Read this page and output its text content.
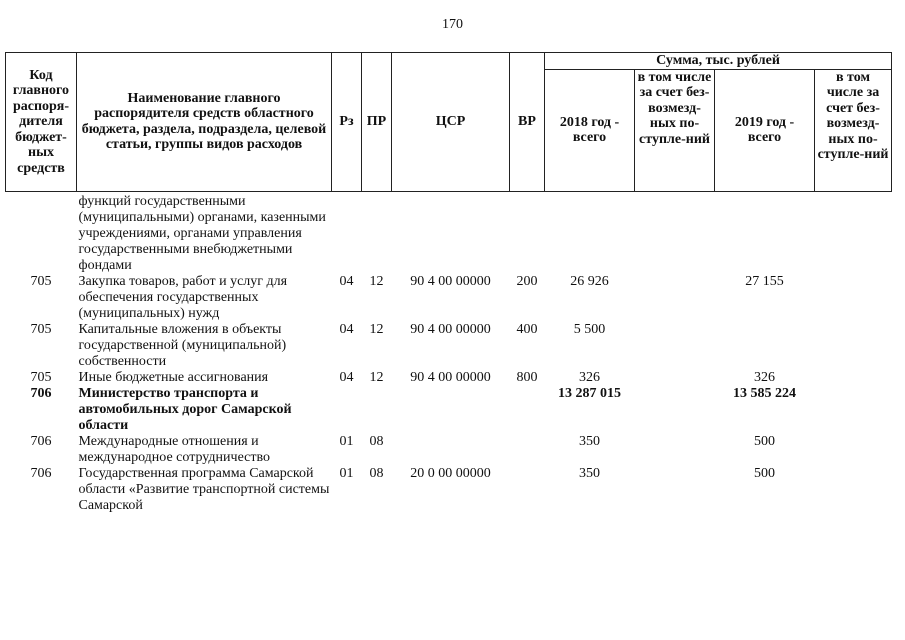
170
Код главного распоря-дителя бюджет-ных средств	Наименование главного распорядителя средств областного бюджета, раздела, подраздела, целевой статьи, группы видов расходов	Рз	ПР	ЦСР	ВР	Сумма, тыс. рублей			
						2018 год - всего	в том числе за счет без-возмезд-ных по-ступле-ний	2019 год - всего	в том числе за счет без-возмезд-ных по-ступле-ний
	функций государственными (муниципальными) органами, казенными учреждениями, органами управления государственными внебюджетными фондами								
705	Закупка товаров, работ и услуг для обеспечения государственных (муниципальных) нужд	04	12	90 4 00 00000	200	26 926		27 155	
705	Капитальные вложения в объекты государственной (муниципальной) собственности	04	12	90 4 00 00000	400	5 500			
705	Иные бюджетные ассигнования	04	12	90 4 00 00000	800	326		326	
706	Министерство транспорта и автомобильных дорог Самарской области					13 287 015		13 585 224	
706	Международные отношения и международное сотрудничество	01	08			350		500	
706	Государственная программа Самарской области «Развитие транспортной системы Самарской	01	08	20 0 00 00000		350		500	
